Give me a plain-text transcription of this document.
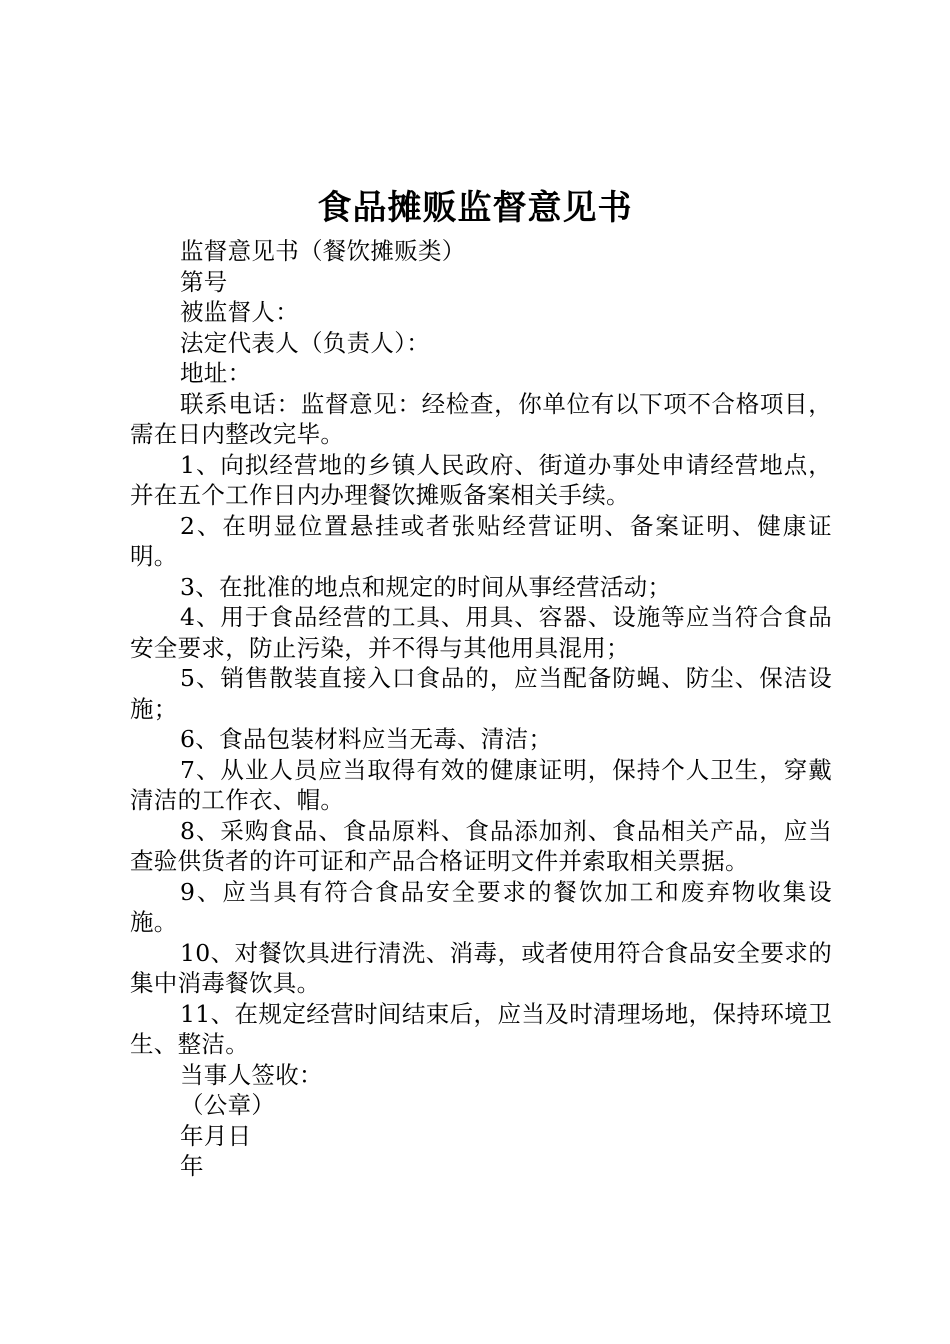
食品摊贩监督意见书

监督意见书（餐饮摊贩类）

第号

被监督人：

法定代表人（负责人）：

地址：

联系电话：监督意见：经检查，你单位有以下项不合格项目，需在日内整改完毕。

1、向拟经营地的乡镇人民政府、街道办事处申请经营地点，并在五个工作日内办理餐饮摊贩备案相关手续。

2、在明显位置悬挂或者张贴经营证明、备案证明、健康证明。

3、在批准的地点和规定的时间从事经营活动；

4、用于食品经营的工具、用具、容器、设施等应当符合食品安全要求，防止污染，并不得与其他用具混用；

5、销售散装直接入口食品的，应当配备防蝇、防尘、保洁设施；

6、食品包装材料应当无毒、清洁；

7、从业人员应当取得有效的健康证明，保持个人卫生，穿戴清洁的工作衣、帽。

8、采购食品、食品原料、食品添加剂、食品相关产品，应当查验供货者的许可证和产品合格证明文件并索取相关票据。

9、应当具有符合食品安全要求的餐饮加工和废弃物收集设施。

10、对餐饮具进行清洗、消毒，或者使用符合食品安全要求的集中消毒餐饮具。

11、在规定经营时间结束后，应当及时清理场地，保持环境卫生、整洁。

当事人签收：

（公章）

年月日

年
